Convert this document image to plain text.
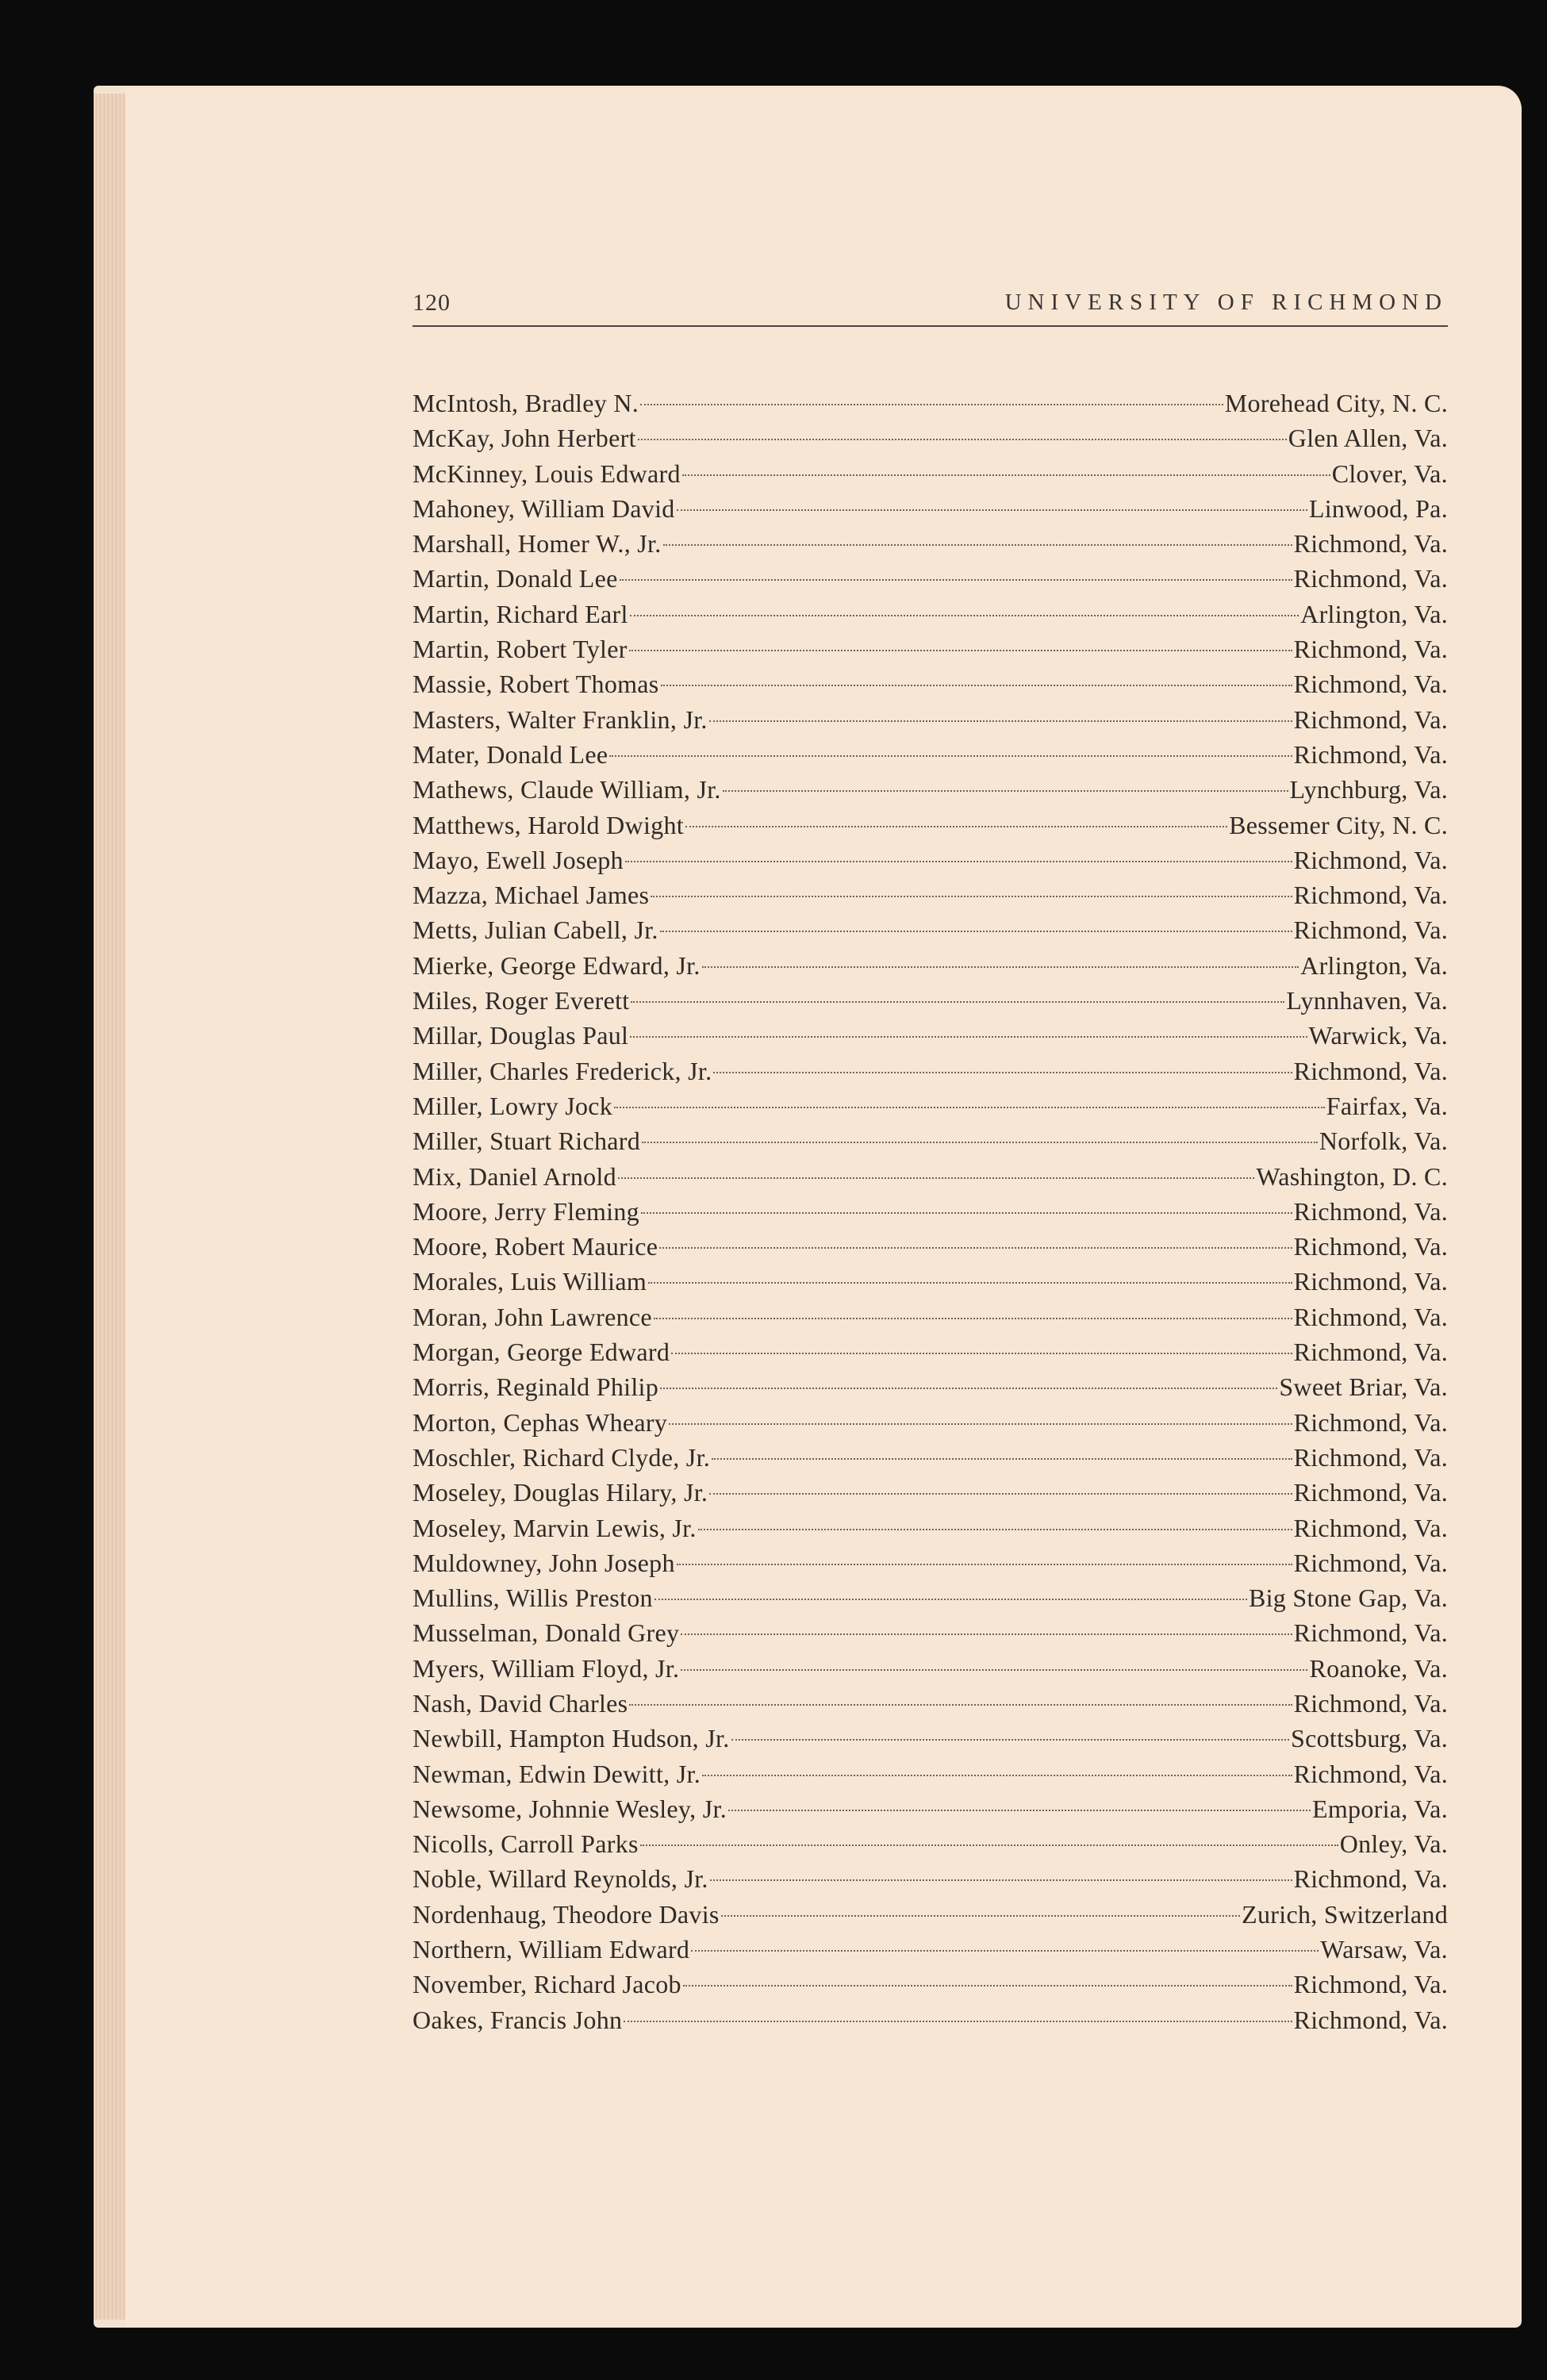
120	UNIVERSITY OF RICHMOND
McIntosh, Bradley N.	Morehead City, N. C.
McKay, John Herbert	Glen Allen, Va.
McKinney, Louis Edward	Clover, Va.
Mahoney, William David	Linwood, Pa.
Marshall, Homer W., Jr.	Richmond, Va.
Martin, Donald Lee	Richmond, Va.
Martin, Richard Earl	Arlington, Va.
Martin, Robert Tyler	Richmond, Va.
Massie, Robert Thomas	Richmond, Va.
Masters, Walter Franklin, Jr.	Richmond, Va.
Mater, Donald Lee	Richmond, Va.
Mathews, Claude William, Jr.	Lynchburg, Va.
Matthews, Harold Dwight	Bessemer City, N. C.
Mayo, Ewell Joseph	Richmond, Va.
Mazza, Michael James	Richmond, Va.
Metts, Julian Cabell, Jr.	Richmond, Va.
Mierke, George Edward, Jr.	Arlington, Va.
Miles, Roger Everett	Lynnhaven, Va.
Millar, Douglas Paul	Warwick, Va.
Miller, Charles Frederick, Jr.	Richmond, Va.
Miller, Lowry Jock	Fairfax, Va.
Miller, Stuart Richard	Norfolk, Va.
Mix, Daniel Arnold	Washington, D. C.
Moore, Jerry Fleming	Richmond, Va.
Moore, Robert Maurice	Richmond, Va.
Morales, Luis William	Richmond, Va.
Moran, John Lawrence	Richmond, Va.
Morgan, George Edward	Richmond, Va.
Morris, Reginald Philip	Sweet Briar, Va.
Morton, Cephas Wheary	Richmond, Va.
Moschler, Richard Clyde, Jr.	Richmond, Va.
Moseley, Douglas Hilary, Jr.	Richmond, Va.
Moseley, Marvin Lewis, Jr.	Richmond, Va.
Muldowney, John Joseph	Richmond, Va.
Mullins, Willis Preston	Big Stone Gap, Va.
Musselman, Donald Grey	Richmond, Va.
Myers, William Floyd, Jr.	Roanoke, Va.
Nash, David Charles	Richmond, Va.
Newbill, Hampton Hudson, Jr.	Scottsburg, Va.
Newman, Edwin Dewitt, Jr.	Richmond, Va.
Newsome, Johnnie Wesley, Jr.	Emporia, Va.
Nicolls, Carroll Parks	Onley, Va.
Noble, Willard Reynolds, Jr.	Richmond, Va.
Nordenhaug, Theodore Davis	Zurich, Switzerland
Northern, William Edward	Warsaw, Va.
November, Richard Jacob	Richmond, Va.
Oakes, Francis John	Richmond, Va.
